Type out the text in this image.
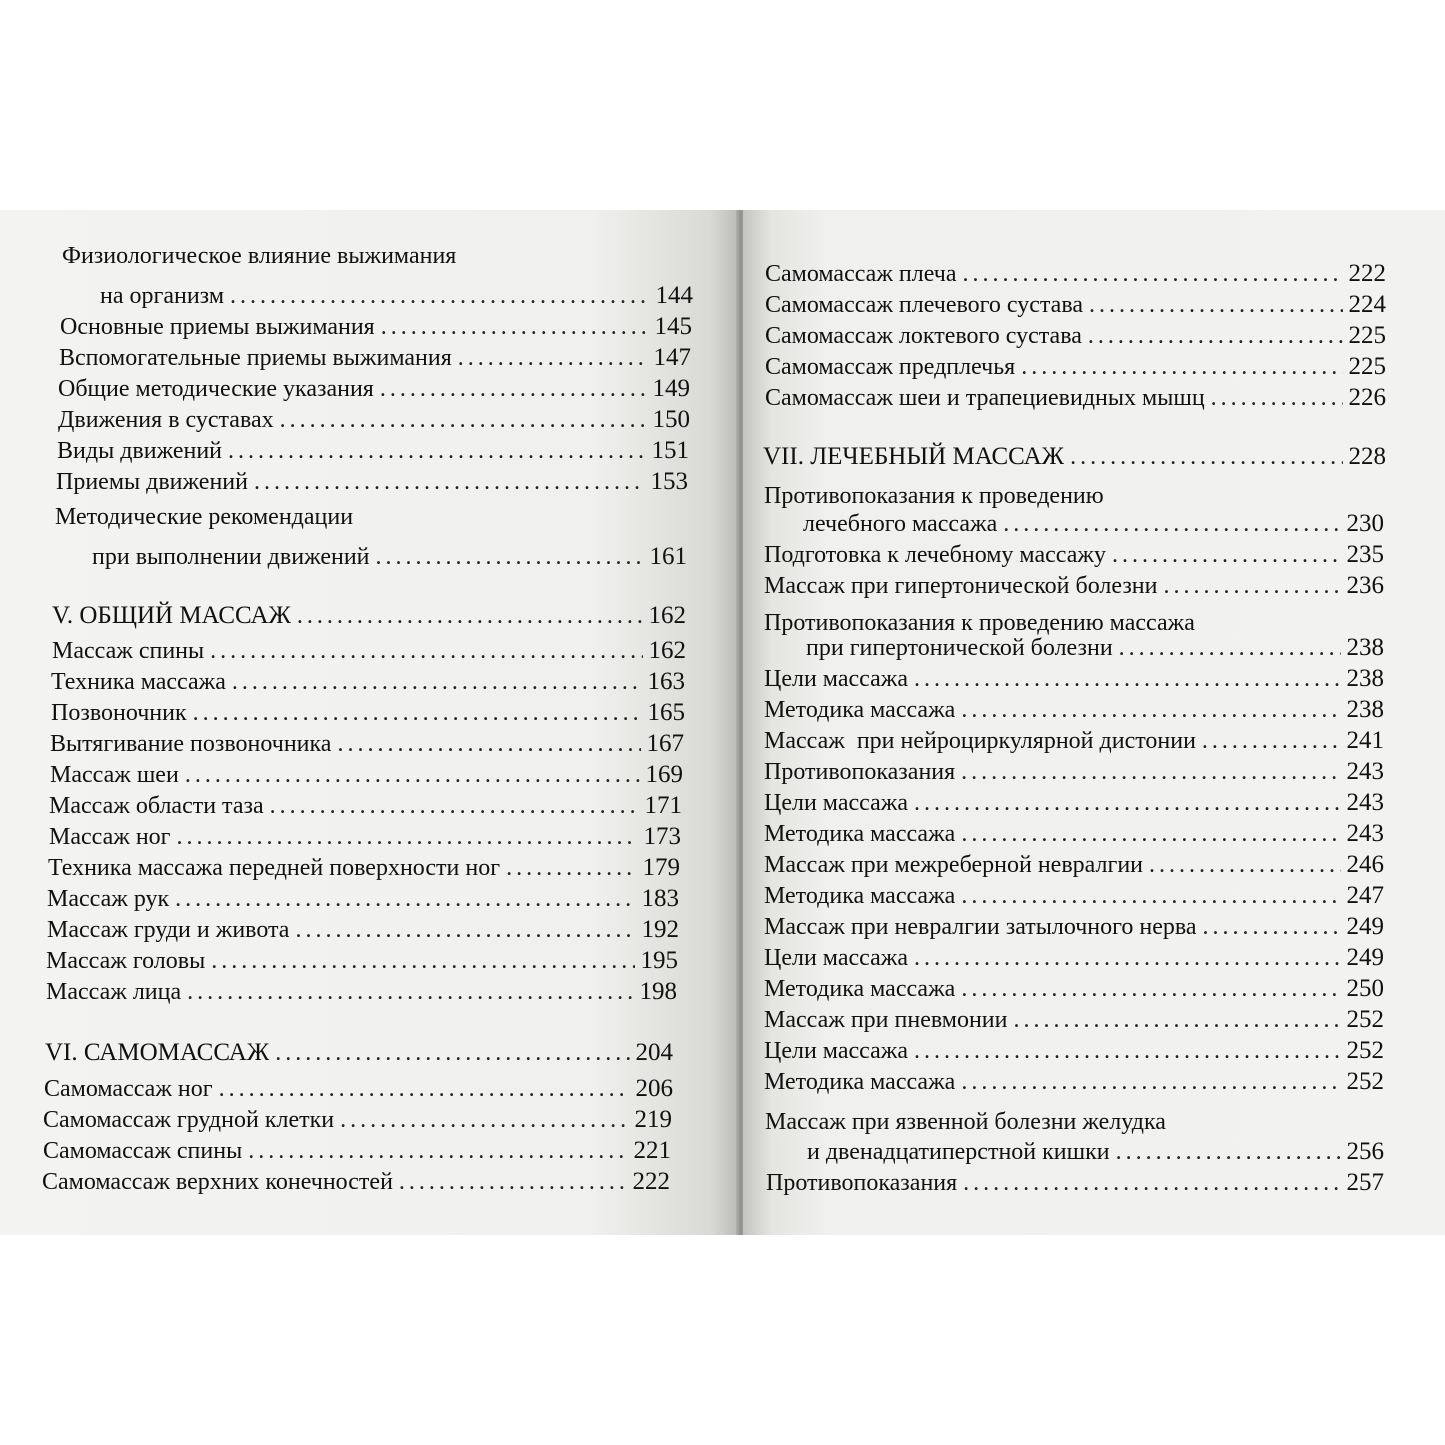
Физиологическое влияние выжимания
на организм . . .	144
Основные приемы выжимания . . .	145
Вспомогательные приемы выжимания . . .	147
Общие методические указания . . .	149
Движения в суставах . . .	150
Виды движений . . .	151
Приемы движений . . .	153
Методические рекомендации
при выполнении движений . . .	161
V. ОБЩИЙ МАССАЖ . . .	162
Массаж спины . . .	162
Техника массажа . . .	163
Позвоночник . . .	165
Вытягивание позвоночника . . .	167
Массаж шеи . . .	169
Массаж области таза . . .	171
Массаж ног . . .	173
Техника массажа передней поверхности ног . . .	179
Массаж рук . . .	183
Массаж груди и живота . . .	192
Массаж головы . . .	195
Массаж лица . . .	198
VI. САМОМАССАЖ . . .	204
Самомассаж ног . . .	206
Самомассаж грудной клетки . . .	219
Самомассаж спины . . .	221
Самомассаж верхних конечностей . . .	222
Самомассаж плеча . . .	222
Самомассаж плечевого сустава . . .	224
Самомассаж локтевого сустава . . .	225
Самомассаж предплечья . . .	225
Самомассаж шеи и трапециевидных мышц . . .	226
VII. ЛЕЧЕБНЫЙ МАССАЖ . . .	228
Противопоказания к проведению
лечебного массажа . . .	230
Подготовка к лечебному массажу . . .	235
Массаж при гипертонической болезни . . .	236
Противопоказания к проведению массажа
при гипертонической болезни . . .	238
Цели массажа . . .	238
Методика массажа . . .	238
Массаж  при нейроциркулярной дистонии . . .	241
Противопоказания . . .	243
Цели массажа . . .	243
Методика массажа . . .	243
Массаж при межреберной невралгии . . .	246
Методика массажа . . .	247
Массаж при невралгии затылочного нерва . . .	249
Цели массажа . . .	249
Методика массажа . . .	250
Массаж при пневмонии . . .	252
Цели массажа . . .	252
Методика массажа . . .	252
Массаж при язвенной болезни желудка
и двенадцатиперстной кишки . . .	256
Противопоказания . . .	257
